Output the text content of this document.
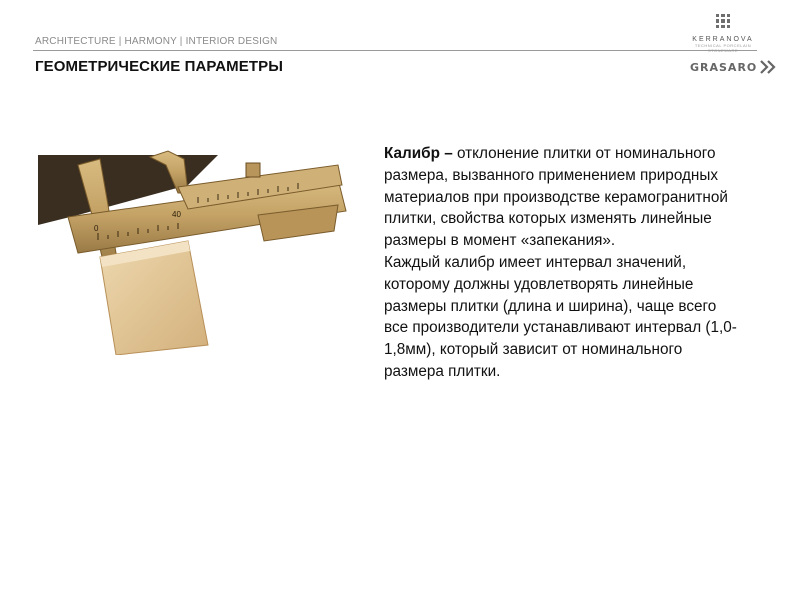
ARCHITECTURE | HARMONY | INTERIOR DESIGN
ГЕОМЕТРИЧЕСКИЕ ПАРАМЕТРЫ
KERRANOVA
TECHNICAL PORCELAIN STONEWARE
GRASARO
0
40

Калибр – отклонение плитки от номинального размера, вызванного применением природных материалов при производстве керамогранитной плитки, свойства которых изменять линейные размеры в момент «запекания».

Каждый калибр имеет интервал значений, которому должны удовлетворять линейные размеры плитки (длина и ширина), чаще всего все производители устанавливают интервал (1,0-1,8мм), который зависит от номинального размера плитки.
